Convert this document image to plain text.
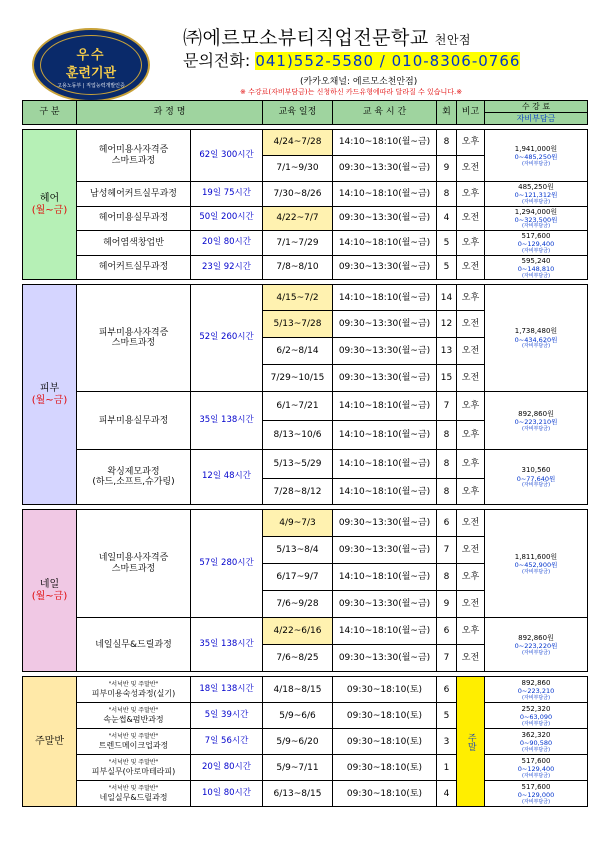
우수
훈련기관
고용노동부 | 직업능력개발인증
㈜에르모소뷰티직업전문학교 천안점
문의전화: 041)552-5580 / 010-8306-0766
(카카오채널: 에르모소천안점)
※ 수강료(자비부담금)는 신청하신 카드유형에따라 달라질 수 있습니다.※
구 분	과 정 명		교육 일정	교 육 시 간	회	비고	수 강 료
자비부담금

헤어
(월~금)	헤어미용사자격증
스마트과정	62일 300시간	4/24~7/28	14:10~18:10(월~금)	8	오후	1,941,000원
0~485,250원
(자비부담금)

			7/1~9/30	09:30~13:30(월~금)	9	오전	
	남성헤어커트실무과정	19일 75시간	7/30~8/26	14:10~18:10(월~금)	8	오후	485,250원
0~121,312원
(자비부담금)

	헤어미용실무과정	50일 200시간	4/22~7/7	09:30~13:30(월~금)	4	오전	1,294,000원
0~323,500원
(자비부담금)

	헤어염색창업반	20일 80시간	7/1~7/29	14:10~18:10(월~금)	5	오후	517,600
0~129,400
(자비부담금)

	헤어커트실무과정	23일 92시간	7/8~8/10	09:30~13:30(월~금)	5	오전	595,240
0~148,810
(자비부담금)

피부
(월~금)	피부미용사자격증
스마트과정	52일 260시간	4/15~7/2	14:10~18:10(월~금)	14	오후	1,738,480원
0~434,620원
(자비부담금)

			5/13~7/28	09:30~13:30(월~금)	12	오전	
			6/2~8/14	09:30~13:30(월~금)	13	오전	
			7/29~10/15	09:30~13:30(월~금)	15	오전	
	피부미용실무과정	35일 138시간	6/1~7/21	14:10~18:10(월~금)	7	오후	892,860원
0~223,210원
(자비부담금)

			8/13~10/6	14:10~18:10(월~금)	8	오후	
	왁싱제모과정
(하드,소프트,슈가링)	12일 48시간	5/13~5/29	14:10~18:10(월~금)	8	오후	310,560
0~77,640원
(자비부담금)

			7/28~8/12	14:10~18:10(월~금)	8	오후	

네일
(월~금)	네일미용사자격증
스마트과정	57일 280시간	4/9~7/3	09:30~13:30(월~금)	6	오전	1,811,600원
0~452,900원
(자비부담금)

			5/13~8/4	09:30~13:30(월~금)	7	오전	
			6/17~9/7	14:10~18:10(월~금)	8	오후	
			7/6~9/28	09:30~13:30(월~금)	9	오전	
	네일실무&드릴과정	35일 138시간	4/22~6/16	14:10~18:10(월~금)	6	오후	892,860원
0~223,220원
(자비부담금)

			7/6~8/25	09:30~13:30(월~금)	7	오전	

주말반	"서넉반 및 주말반"
피부미용숙성과정(실기)	18일 138시간	4/18~8/15	09:30~18:10(토)	6	주말	892,860
0~223,210
(자비부담금)

	"서넉반 및 주말반"
속눈썹&펌반과정	5일 39시간	5/9~6/6	09:30~18:10(토)	5		252,320
0~63,090
(자비부담금)

	"서넉반 및 주말반"
트렌드메이크업과정	7일 56시간	5/9~6/20	09:30~18:10(토)	3		362,320
0~90,580
(자비부담금)

	"서넉반 및 주말반"
피부실무(아로마테라피)	20일 80시간	5/9~7/11	09:30~18:10(토)	1		517,600
0~129,400
(자비부담금)

	"서넉반 및 주말반"
네일실무&드릴과정	10일 80시간	6/13~8/15	09:30~18:10(토)	4		517,600
0~129,000
(자비부담금)
